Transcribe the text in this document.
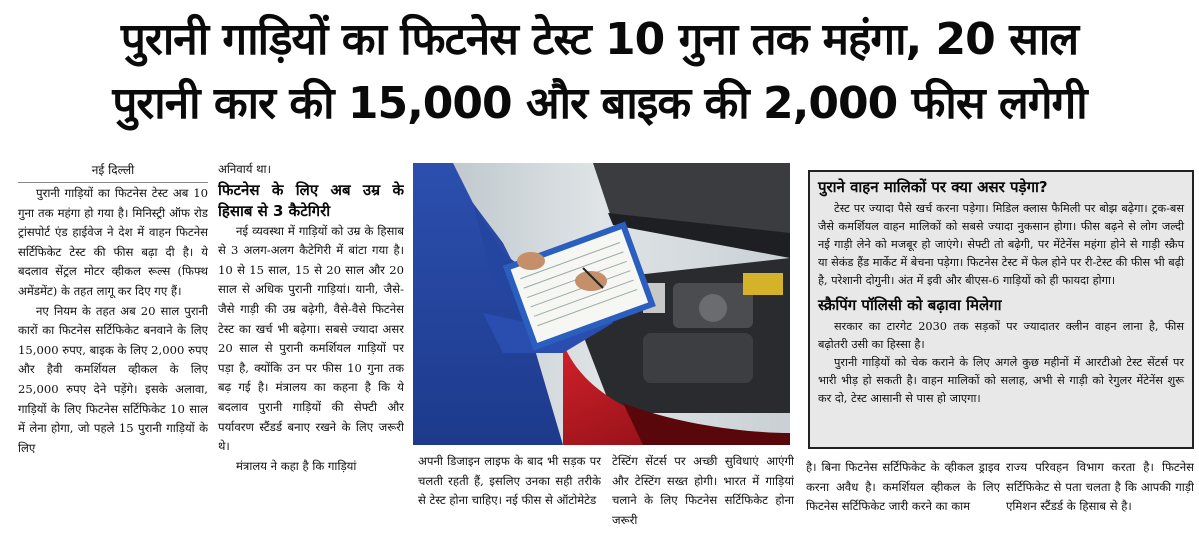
पुरानी गाड़ियों का फिटनेस टेस्ट 10 गुना तक महंगा, 20 साल
पुरानी कार की 15,000 और बाइक की 2,000 फीस लगेगी

नई दिल्ली

पुरानी गाड़ियों का फिटनेस टेस्ट अब 10 गुना तक महंगा हो गया है। मिनिस्ट्री ऑफ रोड ट्रांसपोर्ट एंड हाईवेज ने देश में वाहन फिटनेस सर्टिफिकेट टेस्ट की फीस बढ़ा दी है। ये बदलाव सेंट्रल मोटर व्हीकल रूल्स (फिफ्थ अमेंडमेंट) के तहत लागू कर दिए गए हैं।

नए नियम के तहत अब 20 साल पुरानी कारों का फिटनेस सर्टिफिकेट बनवाने के लिए 15,000 रुपए, बाइक के लिए 2,000 रुपए और हैवी कमर्शियल व्हीकल के लिए 25,000 रुपए देने पड़ेंगे। इसके अलावा, गाड़ियों के लिए फिटनेस सर्टिफिकेट 10 साल में लेना होगा, जो पहले 15 पुरानी गाड़ियों के लिए

अनिवार्य था।

फिटनेस के लिए अब उम्र के हिसाब से 3 कैटेगिरी

नई व्यवस्था में गाड़ियों को उम्र के हिसाब से 3 अलग-अलग कैटेगिरी में बांटा गया है। 10 से 15 साल, 15 से 20 साल और 20 साल से अधिक पुरानी गाड़ियां। यानी, जैसे-जैसे गाड़ी की उम्र बढ़ेगी, वैसे-वैसे फिटनेस टेस्ट का खर्च भी बढ़ेगा। सबसे ज्यादा असर 20 साल से पुरानी कमर्शियल गाड़ियों पर पड़ा है, क्योंकि उन पर फीस 10 गुना तक बढ़ गई है। मंत्रालय का कहना है कि ये बदलाव पुरानी गाड़ियों की सेफ्टी और पर्यावरण स्टैंडर्ड बनाए रखने के लिए जरूरी थे।

मंत्रालय ने कहा है कि गाड़ियां	अपनी डिजाइन लाइफ के बाद भी सड़क पर चलती रहती हैं, इसलिए उनका सही तरीके से टेस्ट होना चाहिए। नई फीस से ऑटोमेटेड

टेस्टिंग सेंटर्स पर अच्छी सुविधाएं आएंगी और टेस्टिंग सख्त होगी। भारत में गाड़ियां चलाने के लिए फिटनेस सर्टिफिकेट होना जरूरी

पुराने वाहन मालिकों पर क्या असर पड़ेगा?

टेस्ट पर ज्यादा पैसे खर्च करना पड़ेगा। मिडिल क्लास फैमिली पर बोझ बढ़ेगा। ट्रक-बस जैसे कमर्शियल वाहन मालिकों को सबसे ज्यादा नुकसान होगा। फीस बढ़ने से लोग जल्दी नई गाड़ी लेने को मजबूर हो जाएंगे। सेफ्टी तो बढ़ेगी, पर मेंटेनेंस महंगा होने से गाड़ी स्क्रैप या सेकंड हैंड मार्केट में बेचना पड़ेगा। फिटनेस टेस्ट में फेल होने पर री-टेस्ट की फीस भी बढ़ी है, परेशानी दोगुनी। अंत में इवी और बीएस-6 गाड़ियों को ही फायदा होगा।

स्क्रैपिंग पॉलिसी को बढ़ावा मिलेगा

सरकार का टारगेट 2030 तक सड़कों पर ज्यादातर क्लीन वाहन लाना है, फीस बढ़ोतरी उसी का हिस्सा है।

पुरानी गाड़ियों को चेक कराने के लिए अगले कुछ महीनों में आरटीओ टेस्ट सेंटर्स पर भारी भीड़ हो सकती है। वाहन मालिकों को सलाह, अभी से गाड़ी को रेगुलर मेंटेनेंस शुरू कर दो, टेस्ट आसानी से पास हो जाएगा।

है। बिना फिटनेस सर्टिफिकेट के व्हीकल ड्राइव करना अवैध है। कमर्शियल व्हीकल के लिए फिटनेस सर्टिफिकेट जारी करने का काम

राज्य परिवहन विभाग करता है। फिटनेस सर्टिफिकेट से पता चलता है कि आपकी गाड़ी एमिशन स्टैंडर्ड के हिसाब से है।
